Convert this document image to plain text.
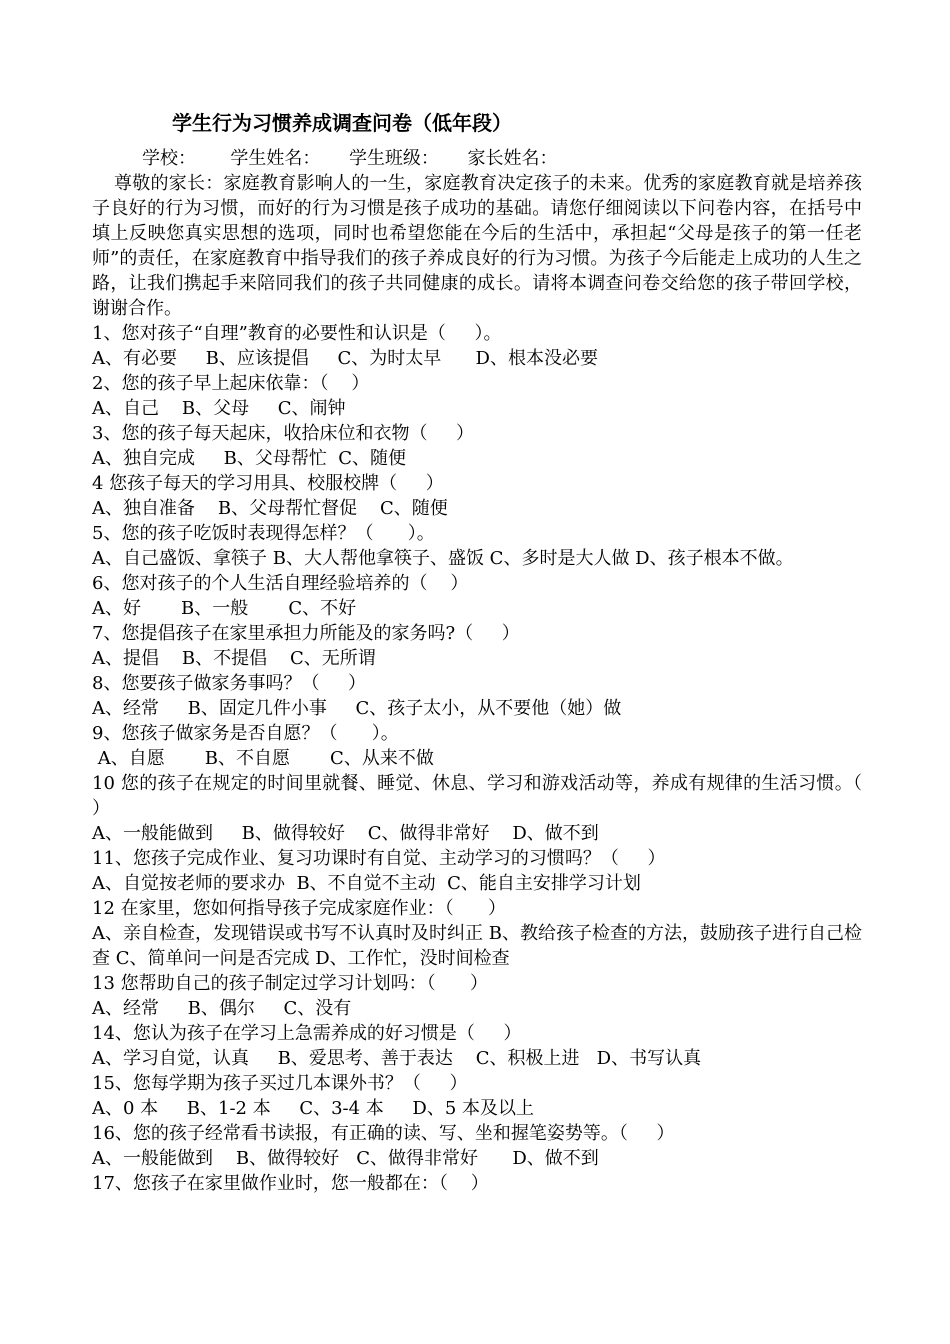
学生行为习惯养成调查问卷（低年段）
学校：      学生姓名：     学生班级：     家长姓名：

尊敬的家长：家庭教育影响人的一生，家庭教育决定孩子的未来。优秀的家庭教育就是培养孩子良好的行为习惯，而好的行为习惯是孩子成功的基础。请您仔细阅读以下问卷内容，在括号中填上反映您真实思想的选项，同时也希望您能在今后的生活中，承担起“父母是孩子的第一任老师”的责任，在家庭教育中指导我们的孩子养成良好的行为习惯。为孩子今后能走上成功的人生之路，让我们携起手来陪同我们的孩子共同健康的成长。请将本调查问卷交给您的孩子带回学校，谢谢合作。

1、您对孩子“自理”教育的必要性和认识是（     ）。

A、有必要     B、应该提倡     C、为时太早      D、根本没必要

2、您的孩子早上起床依靠：（    ）

A、自己    B、父母     C、闹钟

3、您的孩子每天起床，收拾床位和衣物（     ）

A、独自完成     B、父母帮忙  C、随便

4 您孩子每天的学习用具、校服校牌（     ）

A、独自准备    B、父母帮忙督促    C、随便

5、您的孩子吃饭时表现得怎样？（      ）。

A、自己盛饭、拿筷子 B、大人帮他拿筷子、盛饭 C、多时是大人做 D、孩子根本不做。

6、您对孩子的个人生活自理经验培养的（    ）

A、好       B、一般       C、不好

7、您提倡孩子在家里承担力所能及的家务吗?（     ）

A、提倡    B、不提倡    C、无所谓

8、您要孩子做家务事吗？（     ）

A、经常     B、固定几件小事     C、孩子太小，从不要他（她）做

9、您孩子做家务是否自愿？（      ）。

A、自愿       B、不自愿       C、从来不做

10 您的孩子在规定的时间里就餐、睡觉、休息、学习和游戏活动等，养成有规律的生活习惯。（ ）

A、一般能做到     B、做得较好    C、做得非常好    D、做不到

11、您孩子完成作业、复习功课时有自觉、主动学习的习惯吗？（     ）

A、自觉按老师的要求办  B、不自觉不主动  C、能自主安排学习计划

12 在家里，您如何指导孩子完成家庭作业：（      ）

A、亲自检查，发现错误或书写不认真时及时纠正 B、教给孩子检查的方法，鼓励孩子进行自己检查 C、简单问一问是否完成 D、工作忙，没时间检查

13 您帮助自己的孩子制定过学习计划吗：（      ）

A、经常     B、偶尔     C、没有

14、您认为孩子在学习上急需养成的好习惯是（     ）

A、学习自觉，认真     B、爱思考、善于表达    C、积极上进   D、书写认真

15、您每学期为孩子买过几本课外书？（     ）

A、0 本     B、1-2 本     C、3-4 本     D、5 本及以上

16、您的孩子经常看书读报，有正确的读、写、坐和握笔姿势等。（     ）

A、一般能做到    B、做得较好   C、做得非常好      D、做不到

17、您孩子在家里做作业时，您一般都在：（    ）
